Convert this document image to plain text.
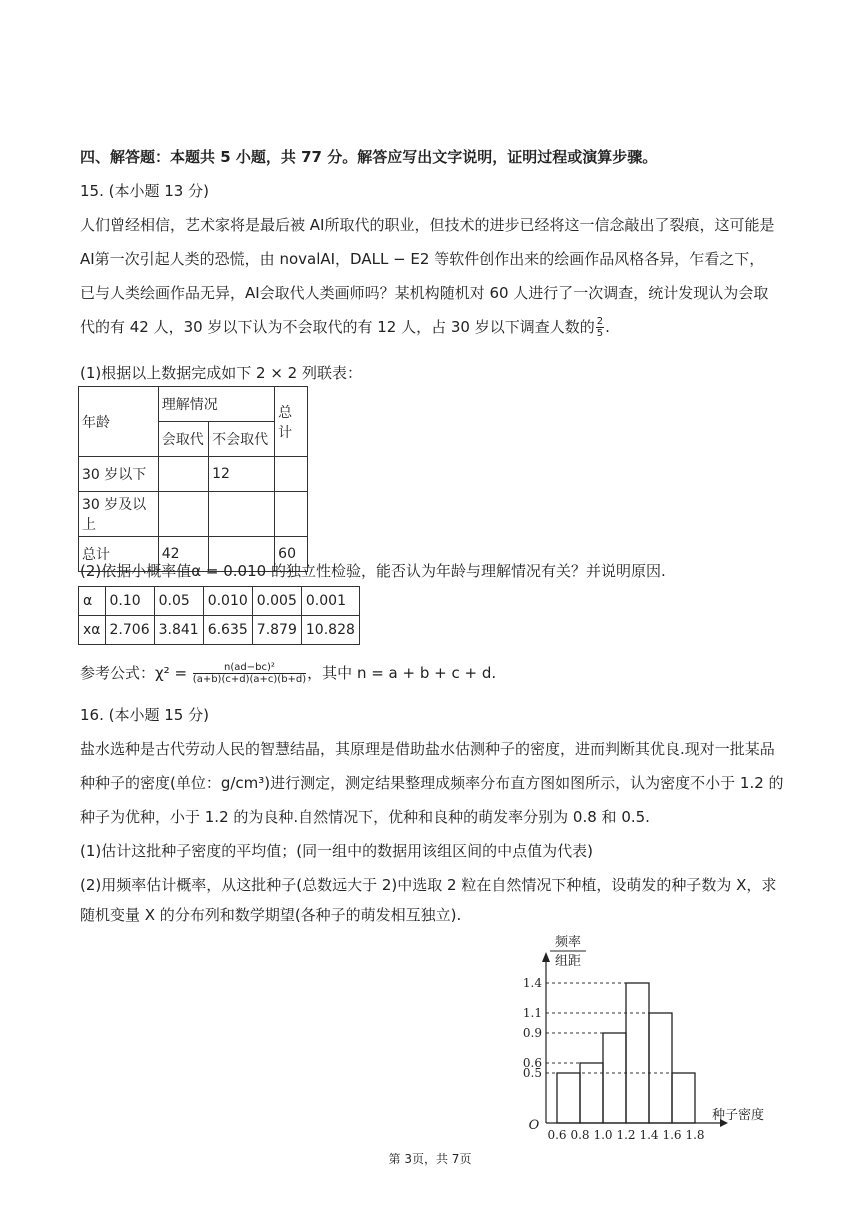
四、解答题：本题共 5 小题，共 77 分。解答应写出文字说明，证明过程或演算步骤。
15. (本小题 13 分)
人们曾经相信，艺术家将是最后被 AⅠ所取代的职业，但技术的进步已经将这一信念敲出了裂痕，这可能是
AⅠ第一次引起人类的恐慌，由 novalAⅠ，DALL − E2 等软件创作出来的绘画作品风格各异，乍看之下，
已与人类绘画作品无异，AⅠ会取代人类画师吗？某机构随机对 60 人进行了一次调查，统计发现认为会取
代的有 42 人，30 岁以下认为不会取代的有 12 人，占 30 岁以下调查人数的 $\frac{2}{5}$ .
(1)根据以上数据完成如下 2 × 2 列联表：
年龄	理解情况		总计
	会取代	不会取代	
30 岁以下		12	
30 岁及以上			
总计	42		60
(2)依据小概率值α = 0.010 的独立性检验，能否认为年龄与理解情况有关？并说明原因.
α	0.10	0.05	0.010	0.005	0.001
xα	2.706	3.841	6.635	7.879	10.828
参考公式：$\chi^2 = \frac{\text{n(ad−bc)²}}{(a+b)(c+d)(a+c)(b+d)}$ ，其中 n = a + b + c + d.
16. (本小题 15 分)
盐水选种是古代劳动人民的智慧结晶，其原理是借助盐水估测种子的密度，进而判断其优良.现对一批某品
种种子的密度(单位：g/cm³)进行测定，测定结果整理成频率分布直方图如图所示，认为密度不小于 1.2 的
种子为优种，小于 1.2 的为良种.自然情况下，优种和良种的萌发率分别为 0.8 和 0.5.
(1)估计这批种子密度的平均值；(同一组中的数据用该组区间的中点值为代表)
(2)用频率估计概率，从这批种子(总数远大于 2)中选取 2 粒在自然情况下种植，设萌发的种子数为 X，求
随机变量 X 的分布列和数学期望(各种子的萌发相互独立).
0.5
0.6
0.9
1.1
1.4
0.6 0.8 1.0 1.2 1.4 1.6 1.8
O
频率
组距
种子密度
第 3页，共 7页
